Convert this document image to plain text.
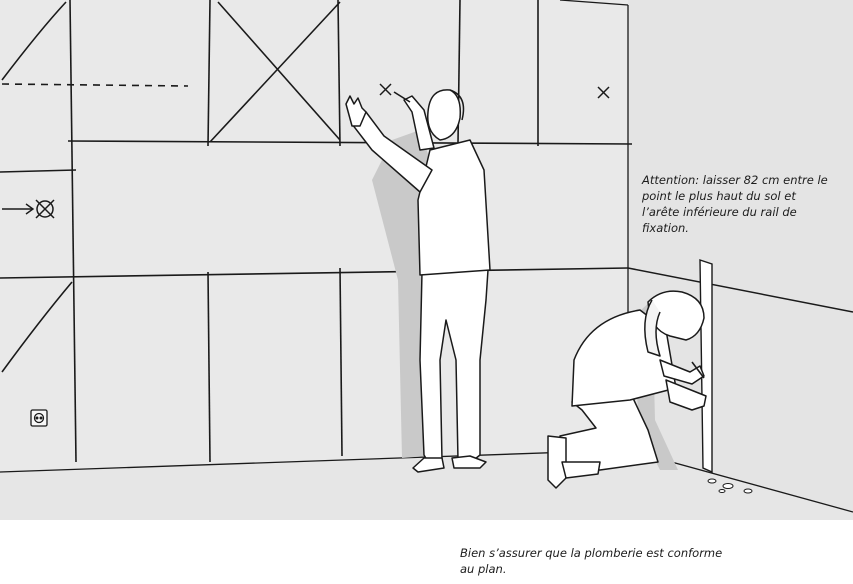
Attention: laisser 82 cm entre le point le plus haut du sol et l’arête inférieure du rail de fixation.
Bien s’assurer que la plomberie est conforme au plan.
